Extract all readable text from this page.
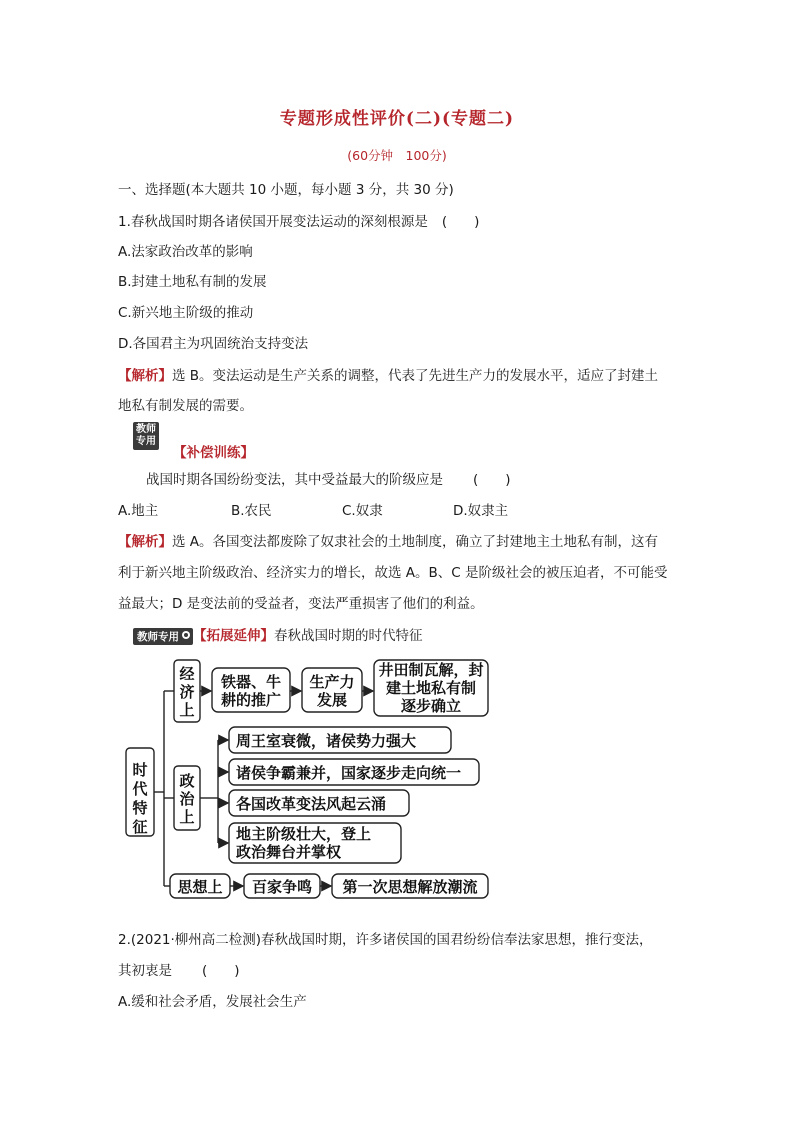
专题形成性评价(二)(专题二)
(60分钟　100分)
一、选择题(本大题共 10 小题，每小题 3 分，共 30 分)
1.春秋战国时期各诸侯国开展变法运动的深刻根源是 (　　)
A.法家政治改革的影响
B.封建土地私有制的发展
C.新兴地主阶级的推动
D.各国君主为巩固统治支持变法
【解析】选 B。变法运动是生产关系的调整，代表了先进生产力的发展水平，适应了封建土
地私有制发展的需要。
教师
专用
【补偿训练】
战国时期各国纷纷变法，其中受益最大的阶级应是 (　　)
A.地主	B.农民	C.奴隶	D.奴隶主
【解析】选 A。各国变法都废除了奴隶社会的土地制度，确立了封建地主土地私有制，这有
利于新兴地主阶级政治、经济实力的增长，故选 A。B、C 是阶级社会的被压迫者，不可能受
益最大；D 是变法前的受益者，变法严重损害了他们的利益。
教师专用 【拓展延伸】春秋战国时期的时代特征
时
代
特
征
经
济
上
铁器、牛
耕的推广
生产力
发展
井田制瓦解，封
建土地私有制
逐步确立
政
治
上
周王室衰微，诸侯势力强大
诸侯争霸兼并，国家逐步走向统一
各国改革变法风起云涌
地主阶级壮大，登上
政治舞台并掌权
思想上 百家争鸣 第一次思想解放潮流
2.(2021·柳州高二检测)春秋战国时期，许多诸侯国的国君纷纷信奉法家思想，推行变法，
其初衷是 (　　)
A.缓和社会矛盾，发展社会生产
